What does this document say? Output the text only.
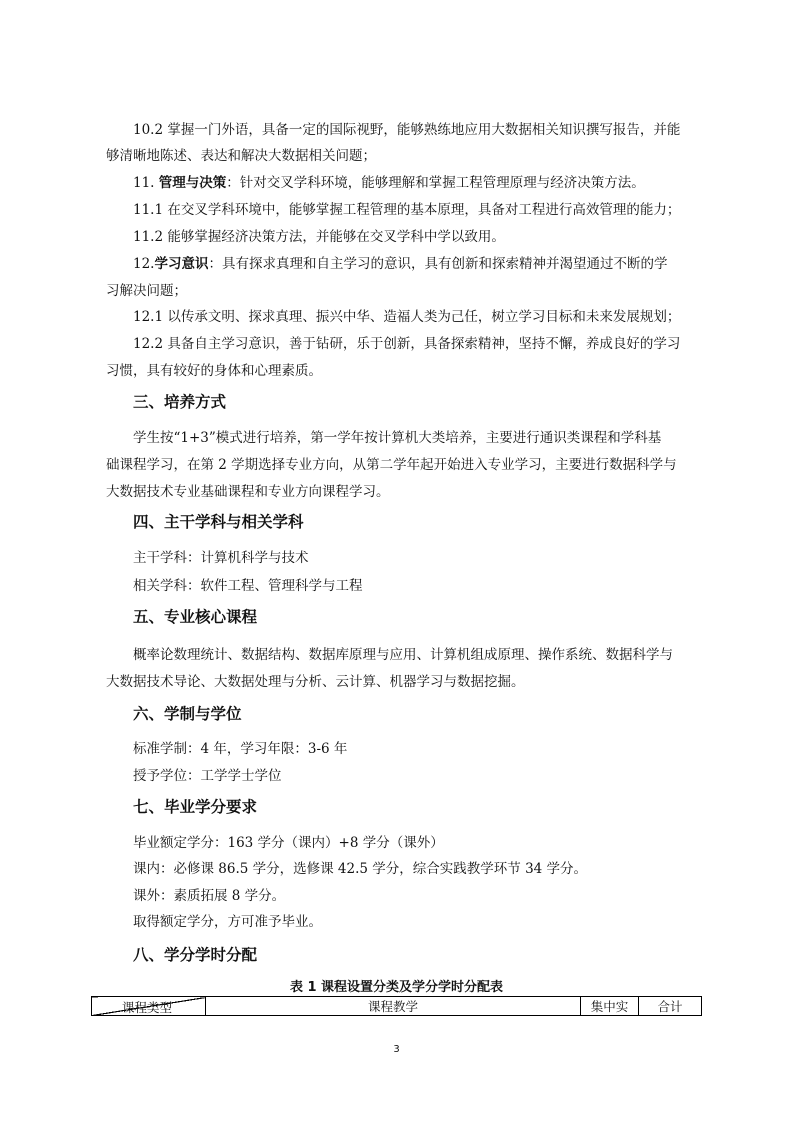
10.2 掌握一门外语，具备一定的国际视野，能够熟练地应用大数据相关知识撰写报告，并能
够清晰地陈述、表达和解决大数据相关问题；
11. 管理与决策：针对交叉学科环境，能够理解和掌握工程管理原理与经济决策方法。
11.1 在交叉学科环境中，能够掌握工程管理的基本原理，具备对工程进行高效管理的能力；
11.2 能够掌握经济决策方法，并能够在交叉学科中学以致用。
12.学习意识：具有探求真理和自主学习的意识，具有创新和探索精神并渴望通过不断的学
习解决问题；
12.1 以传承文明、探求真理、振兴中华、造福人类为己任，树立学习目标和未来发展规划；
12.2 具备自主学习意识，善于钻研，乐于创新，具备探索精神，坚持不懈，养成良好的学习
习惯，具有较好的身体和心理素质。
三、培养方式
学生按“1+3”模式进行培养，第一学年按计算机大类培养，主要进行通识类课程和学科基
础课程学习，在第 2 学期选择专业方向，从第二学年起开始进入专业学习，主要进行数据科学与
大数据技术专业基础课程和专业方向课程学习。
四、主干学科与相关学科
主干学科：计算机科学与技术
相关学科：软件工程、管理科学与工程
五、专业核心课程
概率论数理统计、数据结构、数据库原理与应用、计算机组成原理、操作系统、数据科学与
大数据技术导论、大数据处理与分析、云计算、机器学习与数据挖掘。
六、学制与学位
标准学制：4 年，学习年限：3-6 年
授予学位：工学学士学位
七、毕业学分要求
毕业额定学分：163 学分（课内）+8 学分（课外）
课内：必修课 86.5 学分，选修课 42.5 学分，综合实践教学环节 34 学分。
课外：素质拓展 8 学分。
取得额定学分，方可准予毕业。
八、学分学时分配
表 1 课程设置分类及学分学时分配表
课程类型	课程教学	集中实	合计
3
